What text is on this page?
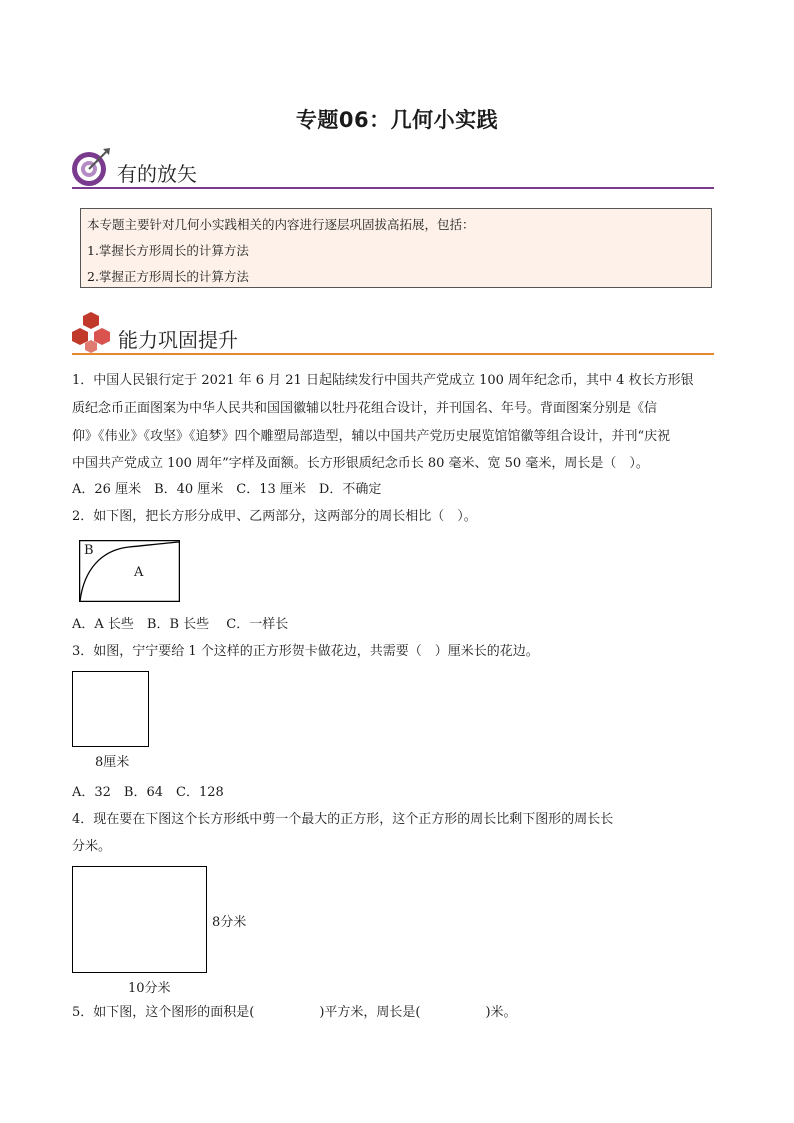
专题06：几何小实践
有的放矢
本专题主要针对几何小实践相关的内容进行逐层巩固拔高拓展，包括：
1.掌握长方形周长的计算方法
2.掌握正方形周长的计算方法
能力巩固提升
1．中国人民银行定于 2021 年 6 月 21 日起陆续发行中国共产党成立 100 周年纪念币，其中 4 枚长方形银
质纪念币正面图案为中华人民共和国国徽辅以牡丹花组合设计，并刊国名、年号。背面图案分别是《信
仰》《伟业》《攻坚》《追梦》四个雕塑局部造型，辅以中国共产党历史展览馆馆徽等组合设计，并刊“庆祝
中国共产党成立 100 周年”字样及面额。长方形银质纪念币长 80 毫米、宽 50 毫米，周长是（　）。
A．26 厘米　B．40 厘米　C．13 厘米　D．不确定
2．如下图，把长方形分成甲、乙两部分，这两部分的周长相比（　）。
B
A
A．A 长些　B．B 长些　 C．一样长
3．如图，宁宁要给 1 个这样的正方形贺卡做花边，共需要（　）厘米长的花边。
8厘米
A．32　B．64　C．128
4．现在要在下图这个长方形纸中剪一个最大的正方形，这个正方形的周长比剩下图形的周长长
分米。
8分米
10分米
5．如下图，这个图形的面积是(　　　　　)平方米，周长是(　　　　　)米。
